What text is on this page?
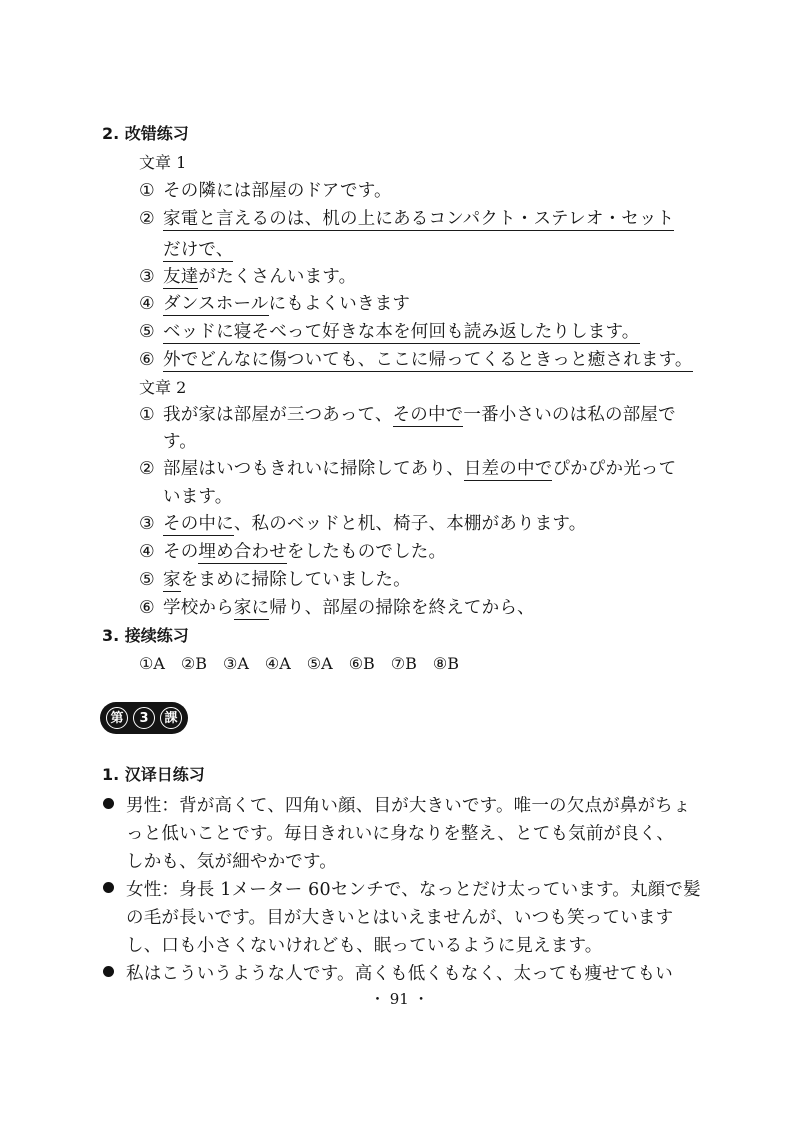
2. 改错练习
文章 1
① その隣には部屋のドアです。
② 家電と言えるのは、机の上にあるコンパクト・ステレオ・セット
だけで、
③ 友達がたくさんいます。
④ ダンスホールにもよくいきます
⑤ ベッドに寝そべって好きな本を何回も読み返したりします。
⑥ 外でどんなに傷ついても、ここに帰ってくるときっと癒されます。
文章 2
① 我が家は部屋が三つあって、その中で一番小さいのは私の部屋で
す。
② 部屋はいつもきれいに掃除してあり、日差の中でぴかぴか光って
います。
③ その中に、私のベッドと机、椅子、本棚があります。
④ その埋め合わせをしたものでした。
⑤ 家をまめに掃除していました。
⑥ 学校から家に帰り、部屋の掃除を終えてから、
3. 接续练习
①A　②B　③A　④A　⑤A　⑥B　⑦B　⑧B
第	3	課
1. 汉译日练习
男性：背が高くて、四角い顔、目が大きいです。唯一の欠点が鼻がちょ
っと低いことです。毎日きれいに身なりを整え、とても気前が良く、
しかも、気が細やかです。
女性：身長 1メーター 60センチで、なっとだけ太っています。丸顔で髪
の毛が長いです。目が大きいとはいえませんが、いつも笑っています
し、口も小さくないけれども、眠っているように見えます。
私はこういうような人です。高くも低くもなく、太っても痩せてもい
・ 91 ・
